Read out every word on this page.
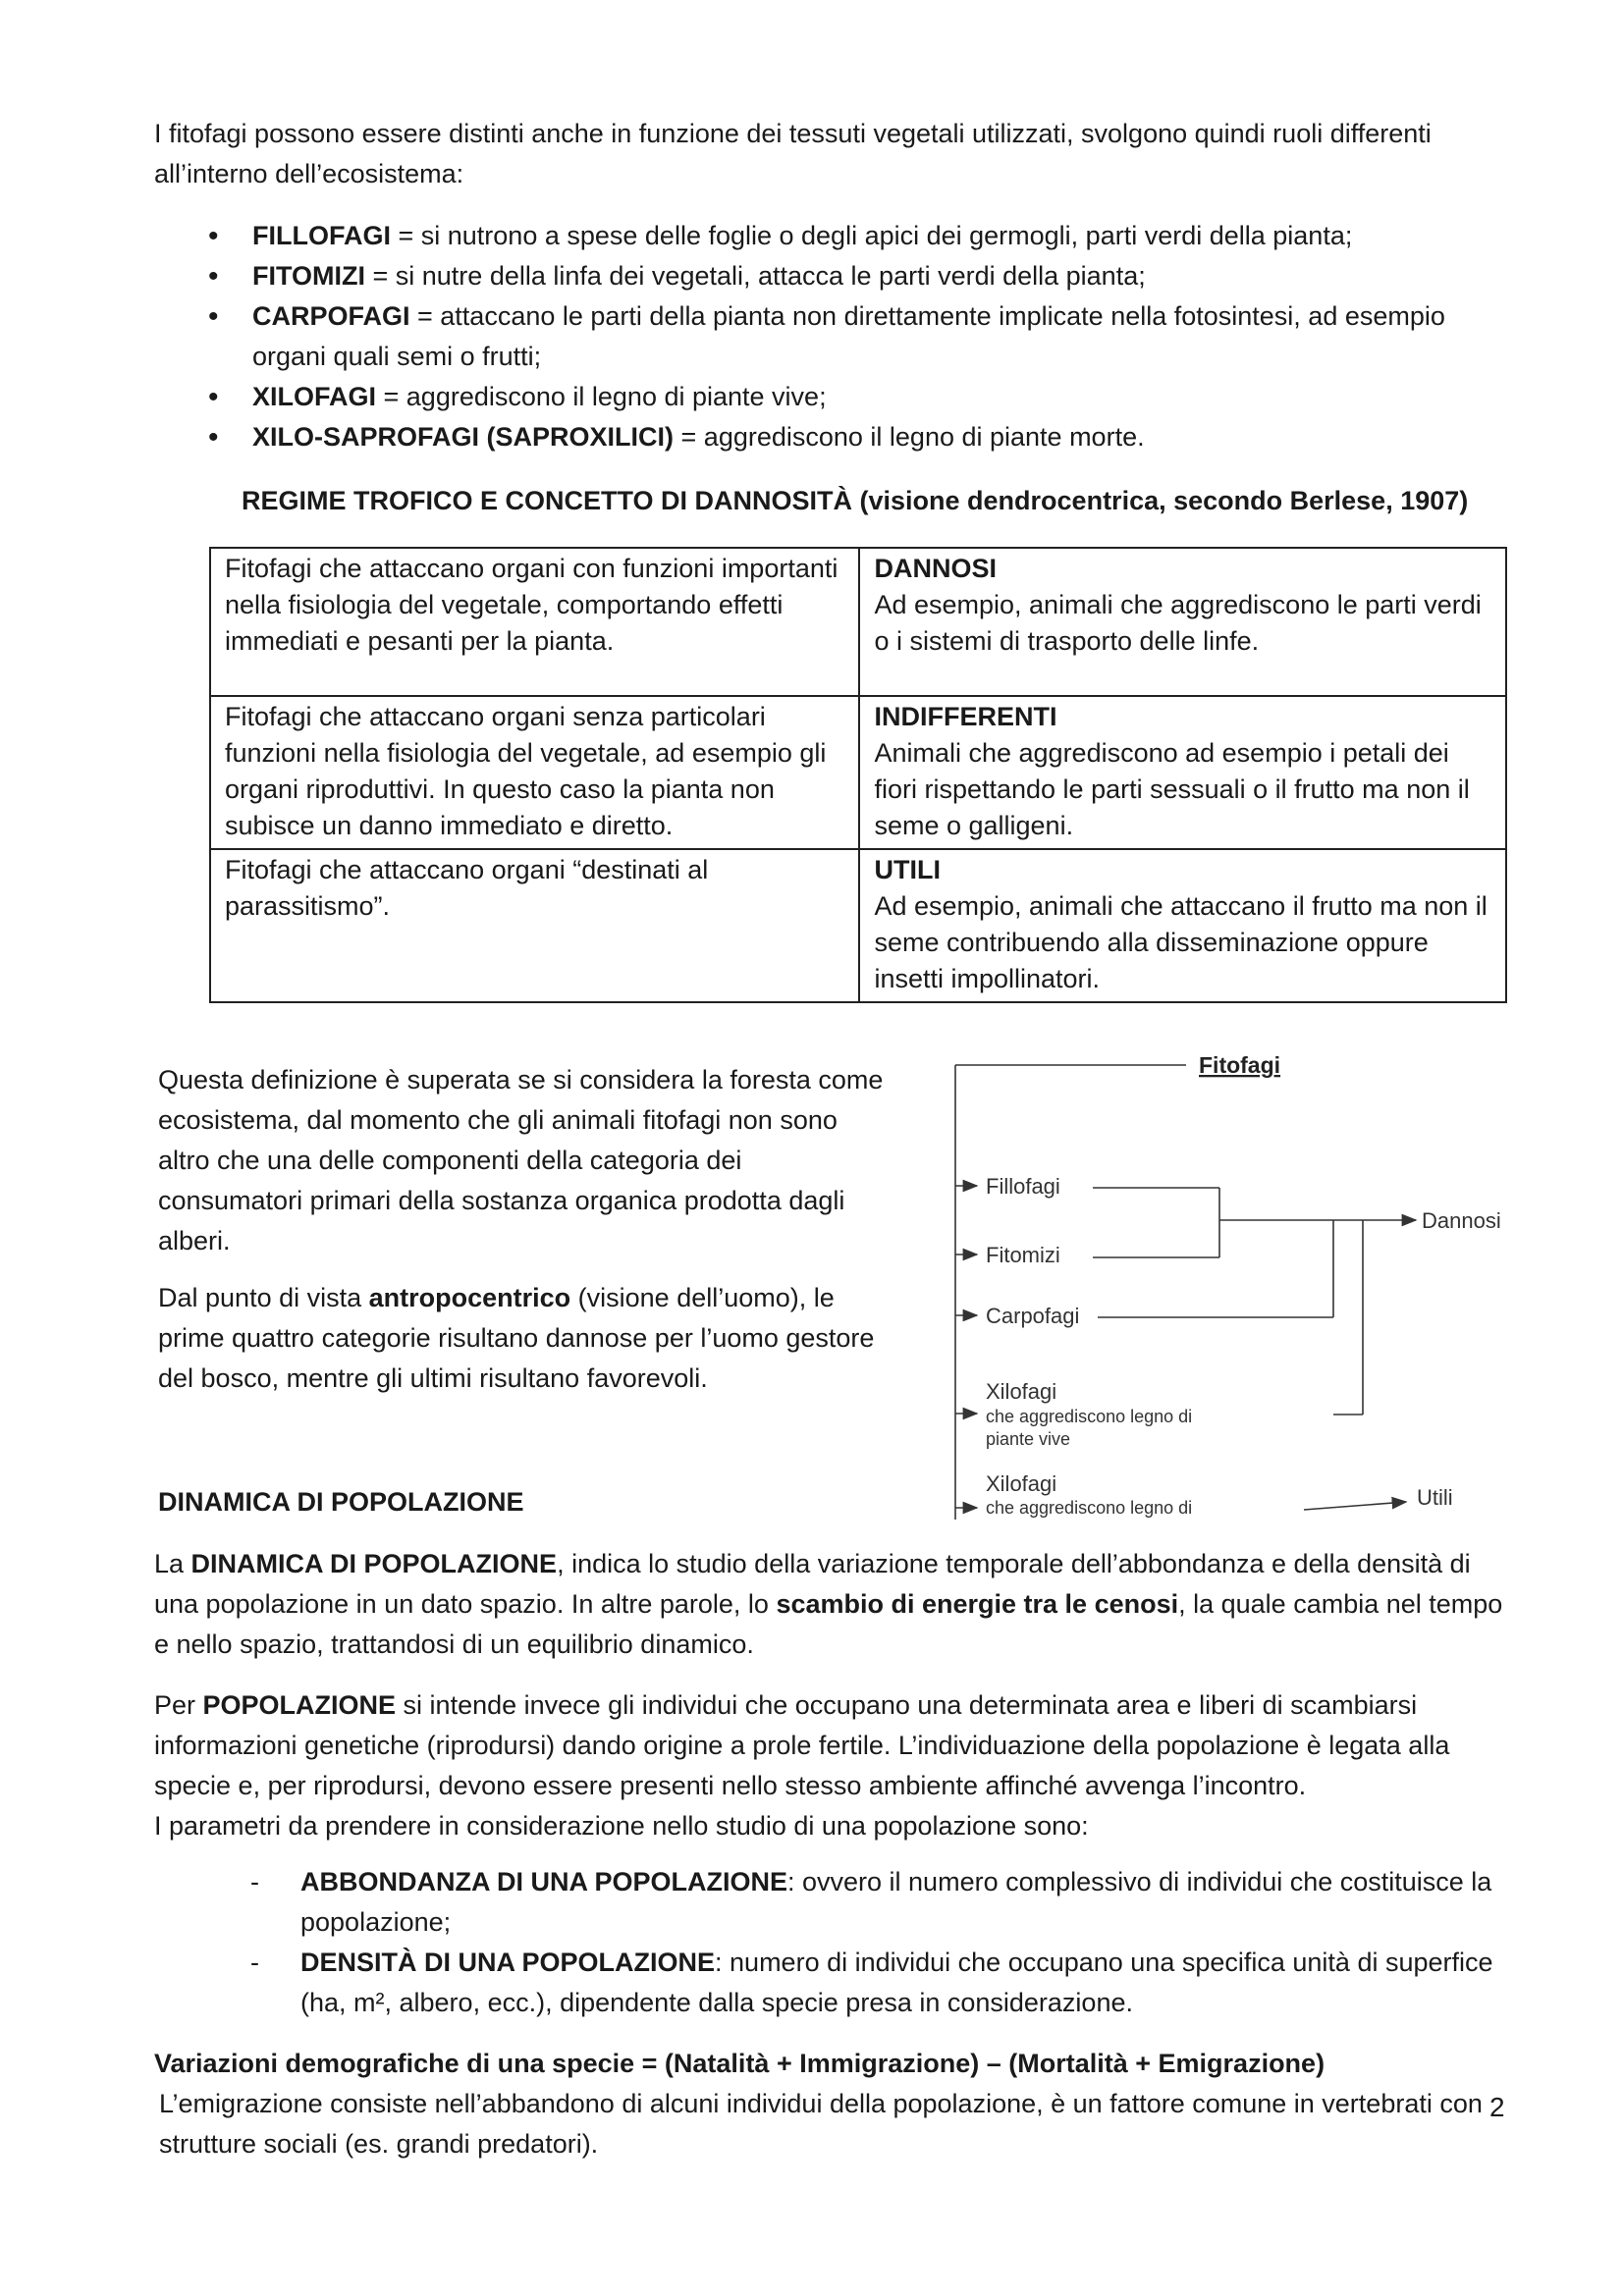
I fitofagi possono essere distinti anche in funzione dei tessuti vegetali utilizzati, svolgono quindi ruoli differenti

all’interno dell’ecosistema:

• FILLOFAGI = si nutrono a spese delle foglie o degli apici dei germogli, parti verdi della pianta;
• FITOMIZI = si nutre della linfa dei vegetali, attacca le parti verdi della pianta;
• CARPOFAGI = attaccano le parti della pianta non direttamente implicate nella fotosintesi, ad esempio organi quali semi o frutti;
• XILOFAGI = aggrediscono il legno di piante vive;
• XILO-SAPROFAGI (SAPROXILICI) = aggrediscono il legno di piante morte.

REGIME TROFICO E CONCETTO DI DANNOSITÀ (visione dendrocentrica, secondo Berlese, 1907)

Fitofagi che attaccano organi con funzioni importanti nella fisiologia del vegetale, comportando effetti immediati e pesanti per la pianta.	DANNOSI
Ad esempio, animali che aggrediscono le parti verdi o i sistemi di trasporto delle linfe.

Fitofagi che attaccano organi senza particolari funzioni nella fisiologia del vegetale, ad esempio gli organi riproduttivi. In questo caso la pianta non subisce un danno immediato e diretto.	INDIFFERENTI
Animali che aggrediscono ad esempio i petali dei fiori rispettando le parti sessuali o il frutto ma non il seme o galligeni.

Fitofagi che attaccano organi “destinati al parassitismo”.	UTILI
Ad esempio, animali che attaccano il frutto ma non il seme contribuendo alla disseminazione oppure insetti impollinatori.

Questa definizione è superata se si considera la foresta come ecosistema, dal momento che gli animali fitofagi non sono altro che una delle componenti della categoria dei consumatori primari della sostanza organica prodotta dagli alberi.

Dal punto di vista antropocentrico (visione dell’uomo), le prime quattro categorie risultano dannose per l’uomo gestore del bosco, mentre gli ultimi risultano favorevoli.

Fitofagi
Fillofagi
Fitomizi
Carpofagi
Xilofagi
che aggrediscono legno di
piante vive
Xilofagi
che aggrediscono legno di
Dannosi
Utili

DINAMICA DI POPOLAZIONE

La DINAMICA DI POPOLAZIONE, indica lo studio della variazione temporale dell’abbondanza e della densità di una popolazione in un dato spazio. In altre parole, lo scambio di energie tra le cenosi, la quale cambia nel tempo e nello spazio, trattandosi di un equilibrio dinamico.

Per POPOLAZIONE si intende invece gli individui che occupano una determinata area e liberi di scambiarsi informazioni genetiche (riprodursi) dando origine a prole fertile. L’individuazione della popolazione è legata alla specie e, per riprodursi, devono essere presenti nello stesso ambiente affinché avvenga l’incontro.

I parametri da prendere in considerazione nello studio di una popolazione sono:

- ABBONDANZA DI UNA POPOLAZIONE: ovvero il numero complessivo di individui che costituisce la popolazione;
- DENSITÀ DI UNA POPOLAZIONE: numero di individui che occupano una specifica unità di superfice (ha, m², albero, ecc.), dipendente dalla specie presa in considerazione.

Variazioni demografiche di una specie = (Natalità + Immigrazione) – (Mortalità + Emigrazione)

L’emigrazione consiste nell’abbandono di alcuni individui della popolazione, è un fattore comune in vertebrati con strutture sociali (es. grandi predatori).

2
